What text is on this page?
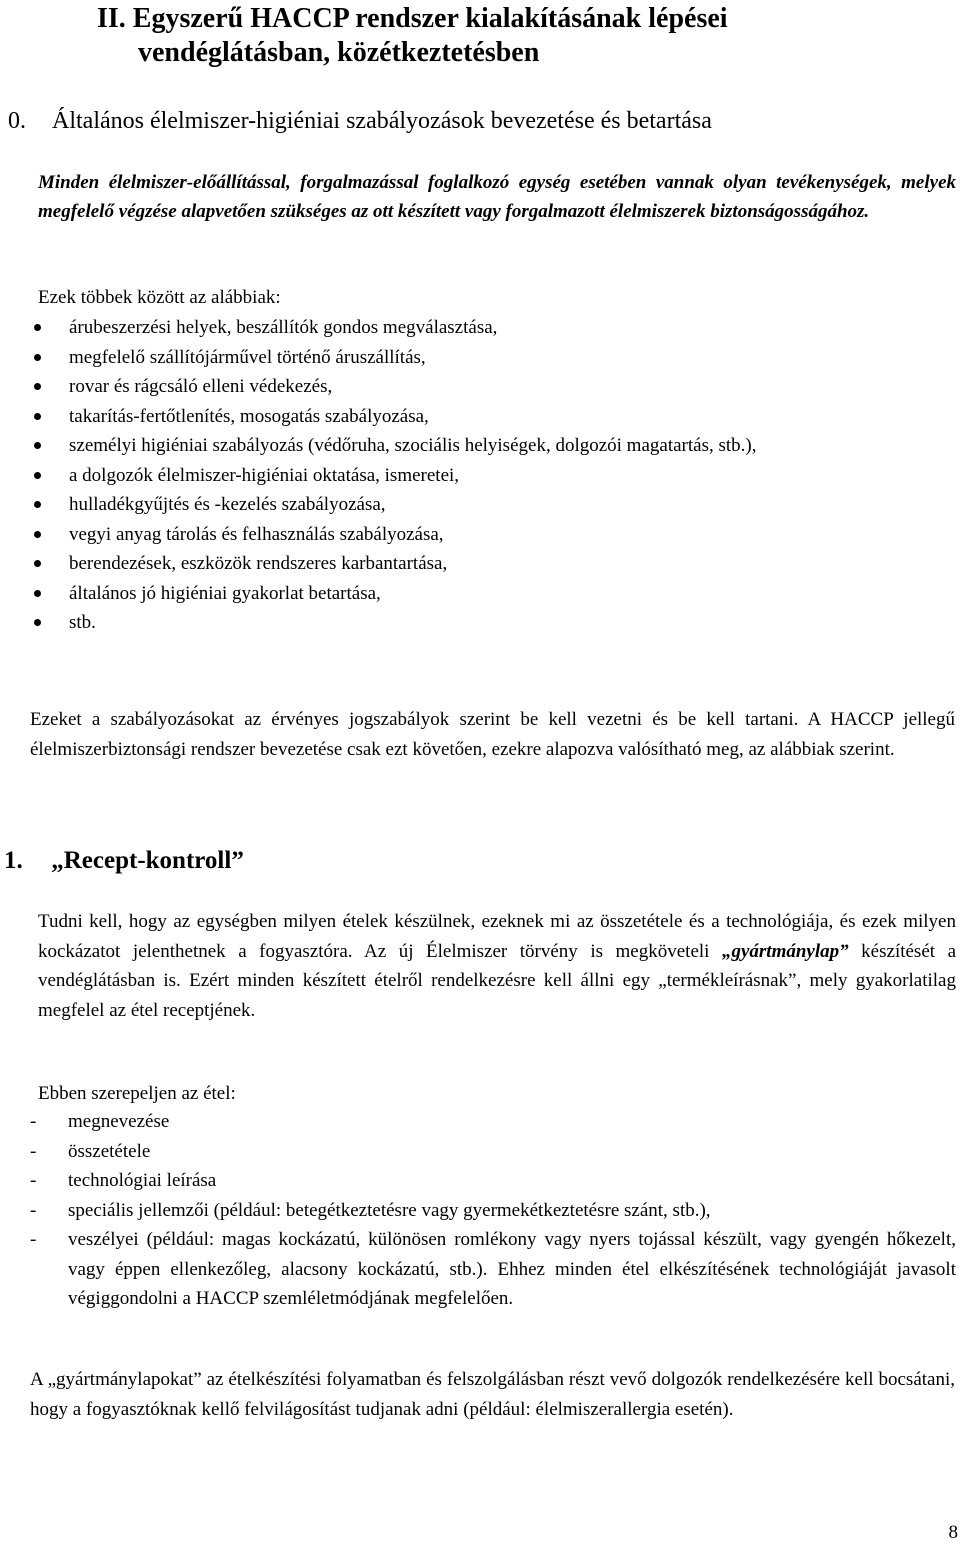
II. Egyszerű HACCP rendszer kialakításának lépései
vendéglátásban, közétkeztetésben
0. Általános élelmiszer-higiéniai szabályozások bevezetése és betartása
Minden élelmiszer-előállítással, forgalmazással foglalkozó egység esetében vannak olyan tevékenységek, melyek megfelelő végzése alapvetően szükséges az ott készített vagy forgalmazott élelmiszerek biztonságosságához.
Ezek többek között az alábbiak:
árubeszerzési helyek, beszállítók gondos megválasztása,
megfelelő szállítójárművel történő áruszállítás,
rovar és rágcsáló elleni védekezés,
takarítás-fertőtlenítés, mosogatás szabályozása,
személyi higiéniai szabályozás (védőruha, szociális helyiségek, dolgozói magatartás, stb.),
a dolgozók élelmiszer-higiéniai oktatása, ismeretei,
hulladékgyűjtés és -kezelés szabályozása,
vegyi anyag tárolás és felhasználás szabályozása,
berendezések, eszközök rendszeres karbantartása,
általános jó higiéniai gyakorlat betartása,
stb.
Ezeket a szabályozásokat az érvényes jogszabályok szerint be kell vezetni és be kell tartani. A HACCP jellegű élelmiszerbiztonsági rendszer bevezetése csak ezt követően, ezekre alapozva valósítható meg, az alábbiak szerint.
1. „Recept-kontroll”
Tudni kell, hogy az egységben milyen ételek készülnek, ezeknek mi az összetétele és a technológiája, és ezek milyen kockázatot jelenthetnek a fogyasztóra. Az új Élelmiszer törvény is megköveteli „gyártmánylap” készítését a vendéglátásban is. Ezért minden készített ételről rendelkezésre kell állni egy „termékleírásnak”, mely gyakorlatilag megfelel az étel receptjének.
Ebben szerepeljen az étel:
- megnevezése
- összetétele
- technológiai leírása
- speciális jellemzői (például: betegétkeztetésre vagy gyermekétkeztetésre szánt, stb.),
- veszélyei (például: magas kockázatú, különösen romlékony vagy nyers tojással készült, vagy gyengén hőkezelt, vagy éppen ellenkezőleg, alacsony kockázatú, stb.). Ehhez minden étel elkészítésének technológiáját javasolt végiggondolni a HACCP szemléletmódjának megfelelően.
A „gyártmánylapokat” az ételkészítési folyamatban és felszolgálásban részt vevő dolgozók rendelkezésére kell bocsátani, hogy a fogyasztóknak kellő felvilágosítást tudjanak adni (például: élelmiszerallergia esetén).
8
